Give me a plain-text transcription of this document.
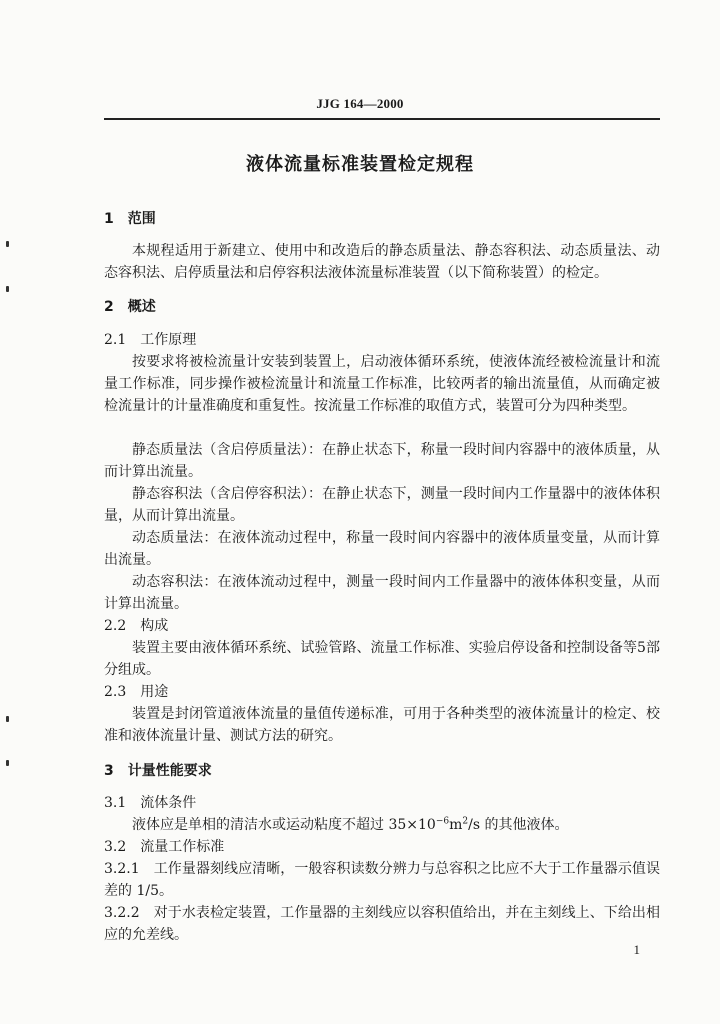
JJG 164—2000
液体流量标准装置检定规程
1 范围
本规程适用于新建立、使用中和改造后的静态质量法、静态容积法、动态质量法、动态容积法、启停质量法和启停容积法液体流量标准装置（以下简称装置）的检定。
2 概述
2.1 工作原理
按要求将被检流量计安装到装置上，启动液体循环系统，使液体流经被检流量计和流量工作标准，同步操作被检流量计和流量工作标准，比较两者的输出流量值，从而确定被检流量计的计量准确度和重复性。按流量工作标准的取值方式，装置可分为四种类型。
静态质量法（含启停质量法）：在静止状态下，称量一段时间内容器中的液体质量，从而计算出流量。
静态容积法（含启停容积法）：在静止状态下，测量一段时间内工作量器中的液体体积量，从而计算出流量。
动态质量法：在液体流动过程中，称量一段时间内容器中的液体质量变量，从而计算出流量。
动态容积法：在液体流动过程中，测量一段时间内工作量器中的液体体积变量，从而计算出流量。
2.2 构成
装置主要由液体循环系统、试验管路、流量工作标准、实验启停设备和控制设备等5部分组成。
2.3 用途
装置是封闭管道液体流量的量值传递标准，可用于各种类型的液体流量计的检定、校准和液体流量计量、测试方法的研究。
3 计量性能要求
3.1 流体条件
液体应是单相的清洁水或运动粘度不超过 $35\times 10^{-6}m^2/s$ 的其他液体。
3.2 流量工作标准
3.2.1 工作量器刻线应清晰，一般容积读数分辨力与总容积之比应不大于工作量器示值误差的 1/5。
3.2.2 对于水表检定装置，工作量器的主刻线应以容积值给出，并在主刻线上、下给出相应的允差线。
1
